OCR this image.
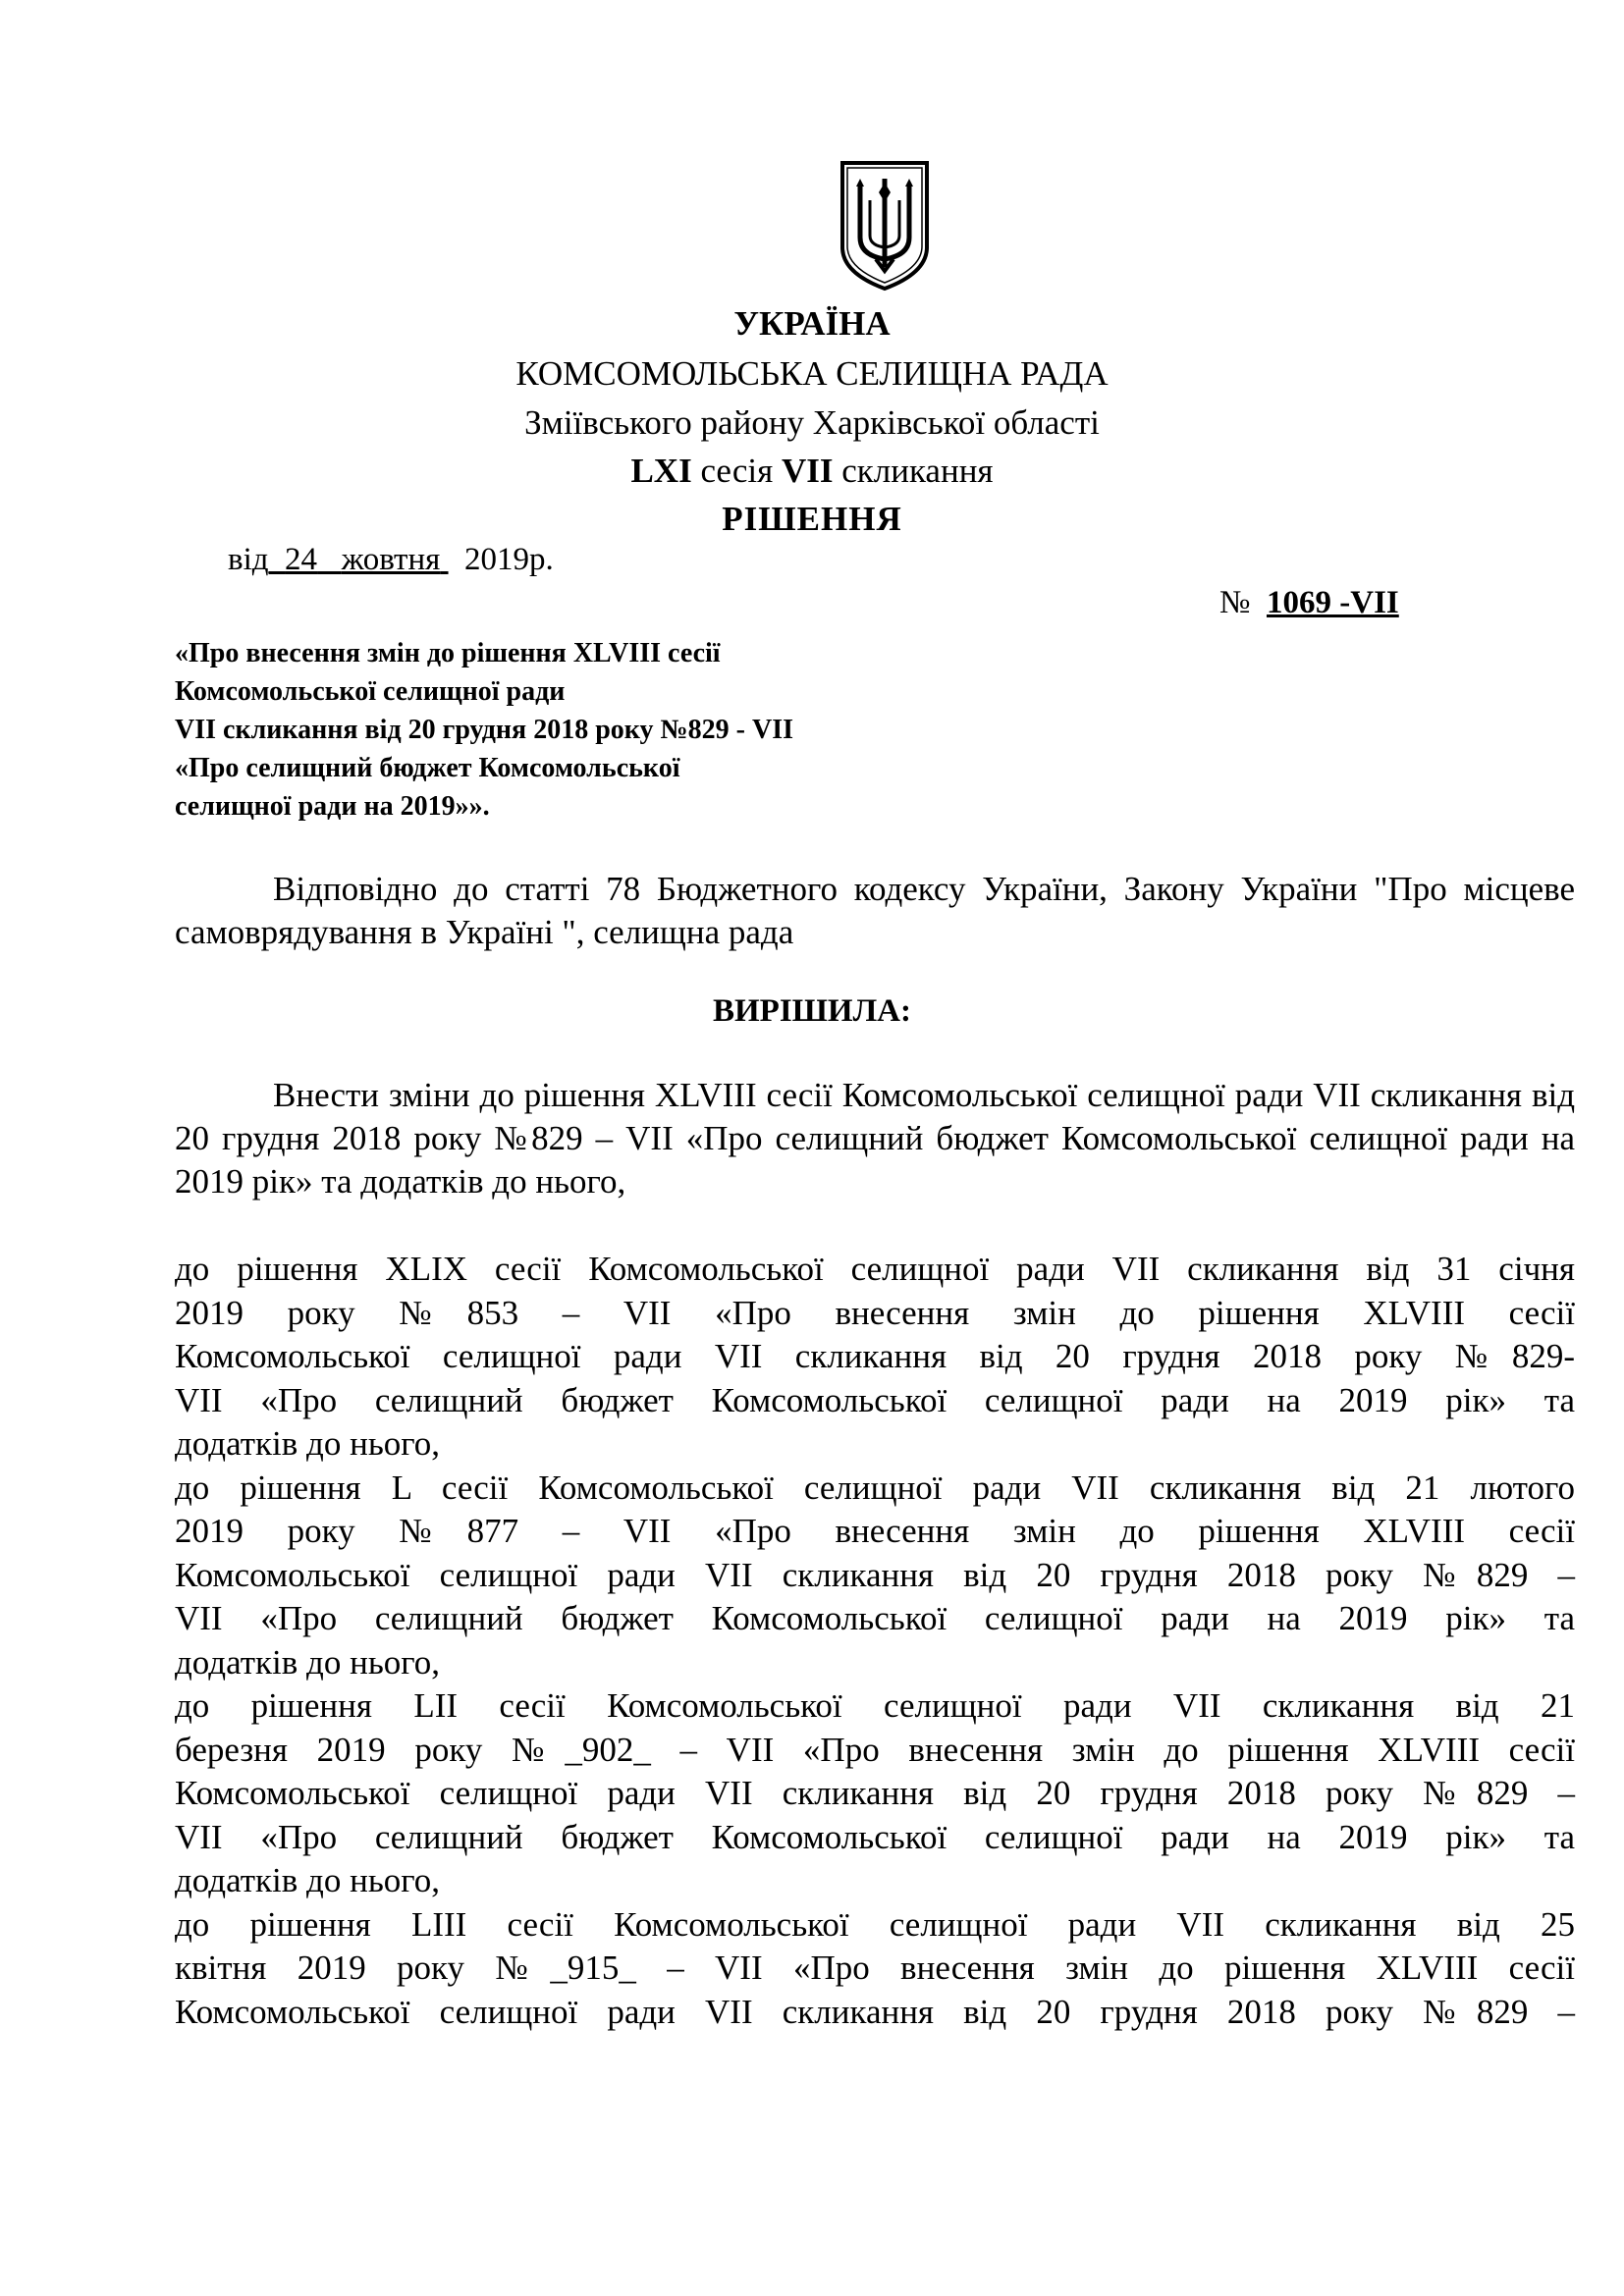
УКРАЇНА
КОМСОМОЛЬСЬКА СЕЛИЩНА РАДА
Зміївського району Харківської області
LXI сесія VII скликання
РІШЕННЯ
від_24 жовтня 2019р.
№ 1069 -VII
«Про внесення змін до рішення XLVIII сесії
Комсомольської селищної ради
VII скликання від 20 грудня 2018 року №829 - VII
«Про селищний бюджет Комсомольської
селищної ради на 2019»».
Відповідно до статті 78 Бюджетного кодексу України, Закону України "Про місцеве самоврядування в Україні ", селищна рада
ВИРІШИЛА:
Внести зміни до рішення XLVIII сесії Комсомольської селищної ради VII скликання від 20 грудня 2018 року №829 – VII «Про селищний бюджет Комсомольської селищної ради на 2019 рік» та додатків до нього,
до рішення XLIX сесії Комсомольської селищної ради VII скликання від 31 січня
2019 року №853 – VII «Про внесення змін до рішення XLVIII сесії
Комсомольської селищної ради VII скликання від 20 грудня 2018 року №829-
VII «Про селищний бюджет Комсомольської селищної ради на 2019 рік» та
додатків до нього,
до рішення L сесії Комсомольської селищної ради VII скликання від 21 лютого
2019 року №877 – VII «Про внесення змін до рішення XLVIII сесії
Комсомольської селищної ради VII скликання від 20 грудня 2018 року №829 –
VII «Про селищний бюджет Комсомольської селищної ради на 2019 рік» та
додатків до нього,
до рішення LII сесії Комсомольської селищної ради VII скликання від 21
березня 2019 року №_902_ – VII «Про внесення змін до рішення XLVIII сесії
Комсомольської селищної ради VII скликання від 20 грудня 2018 року №829 –
VII «Про селищний бюджет Комсомольської селищної ради на 2019 рік» та
додатків до нього,
до рішення LIII сесії Комсомольської селищної ради VII скликання від 25
квітня 2019 року №_915_ – VII «Про внесення змін до рішення XLVIII сесії
Комсомольської селищної ради VII скликання від 20 грудня 2018 року №829 –
